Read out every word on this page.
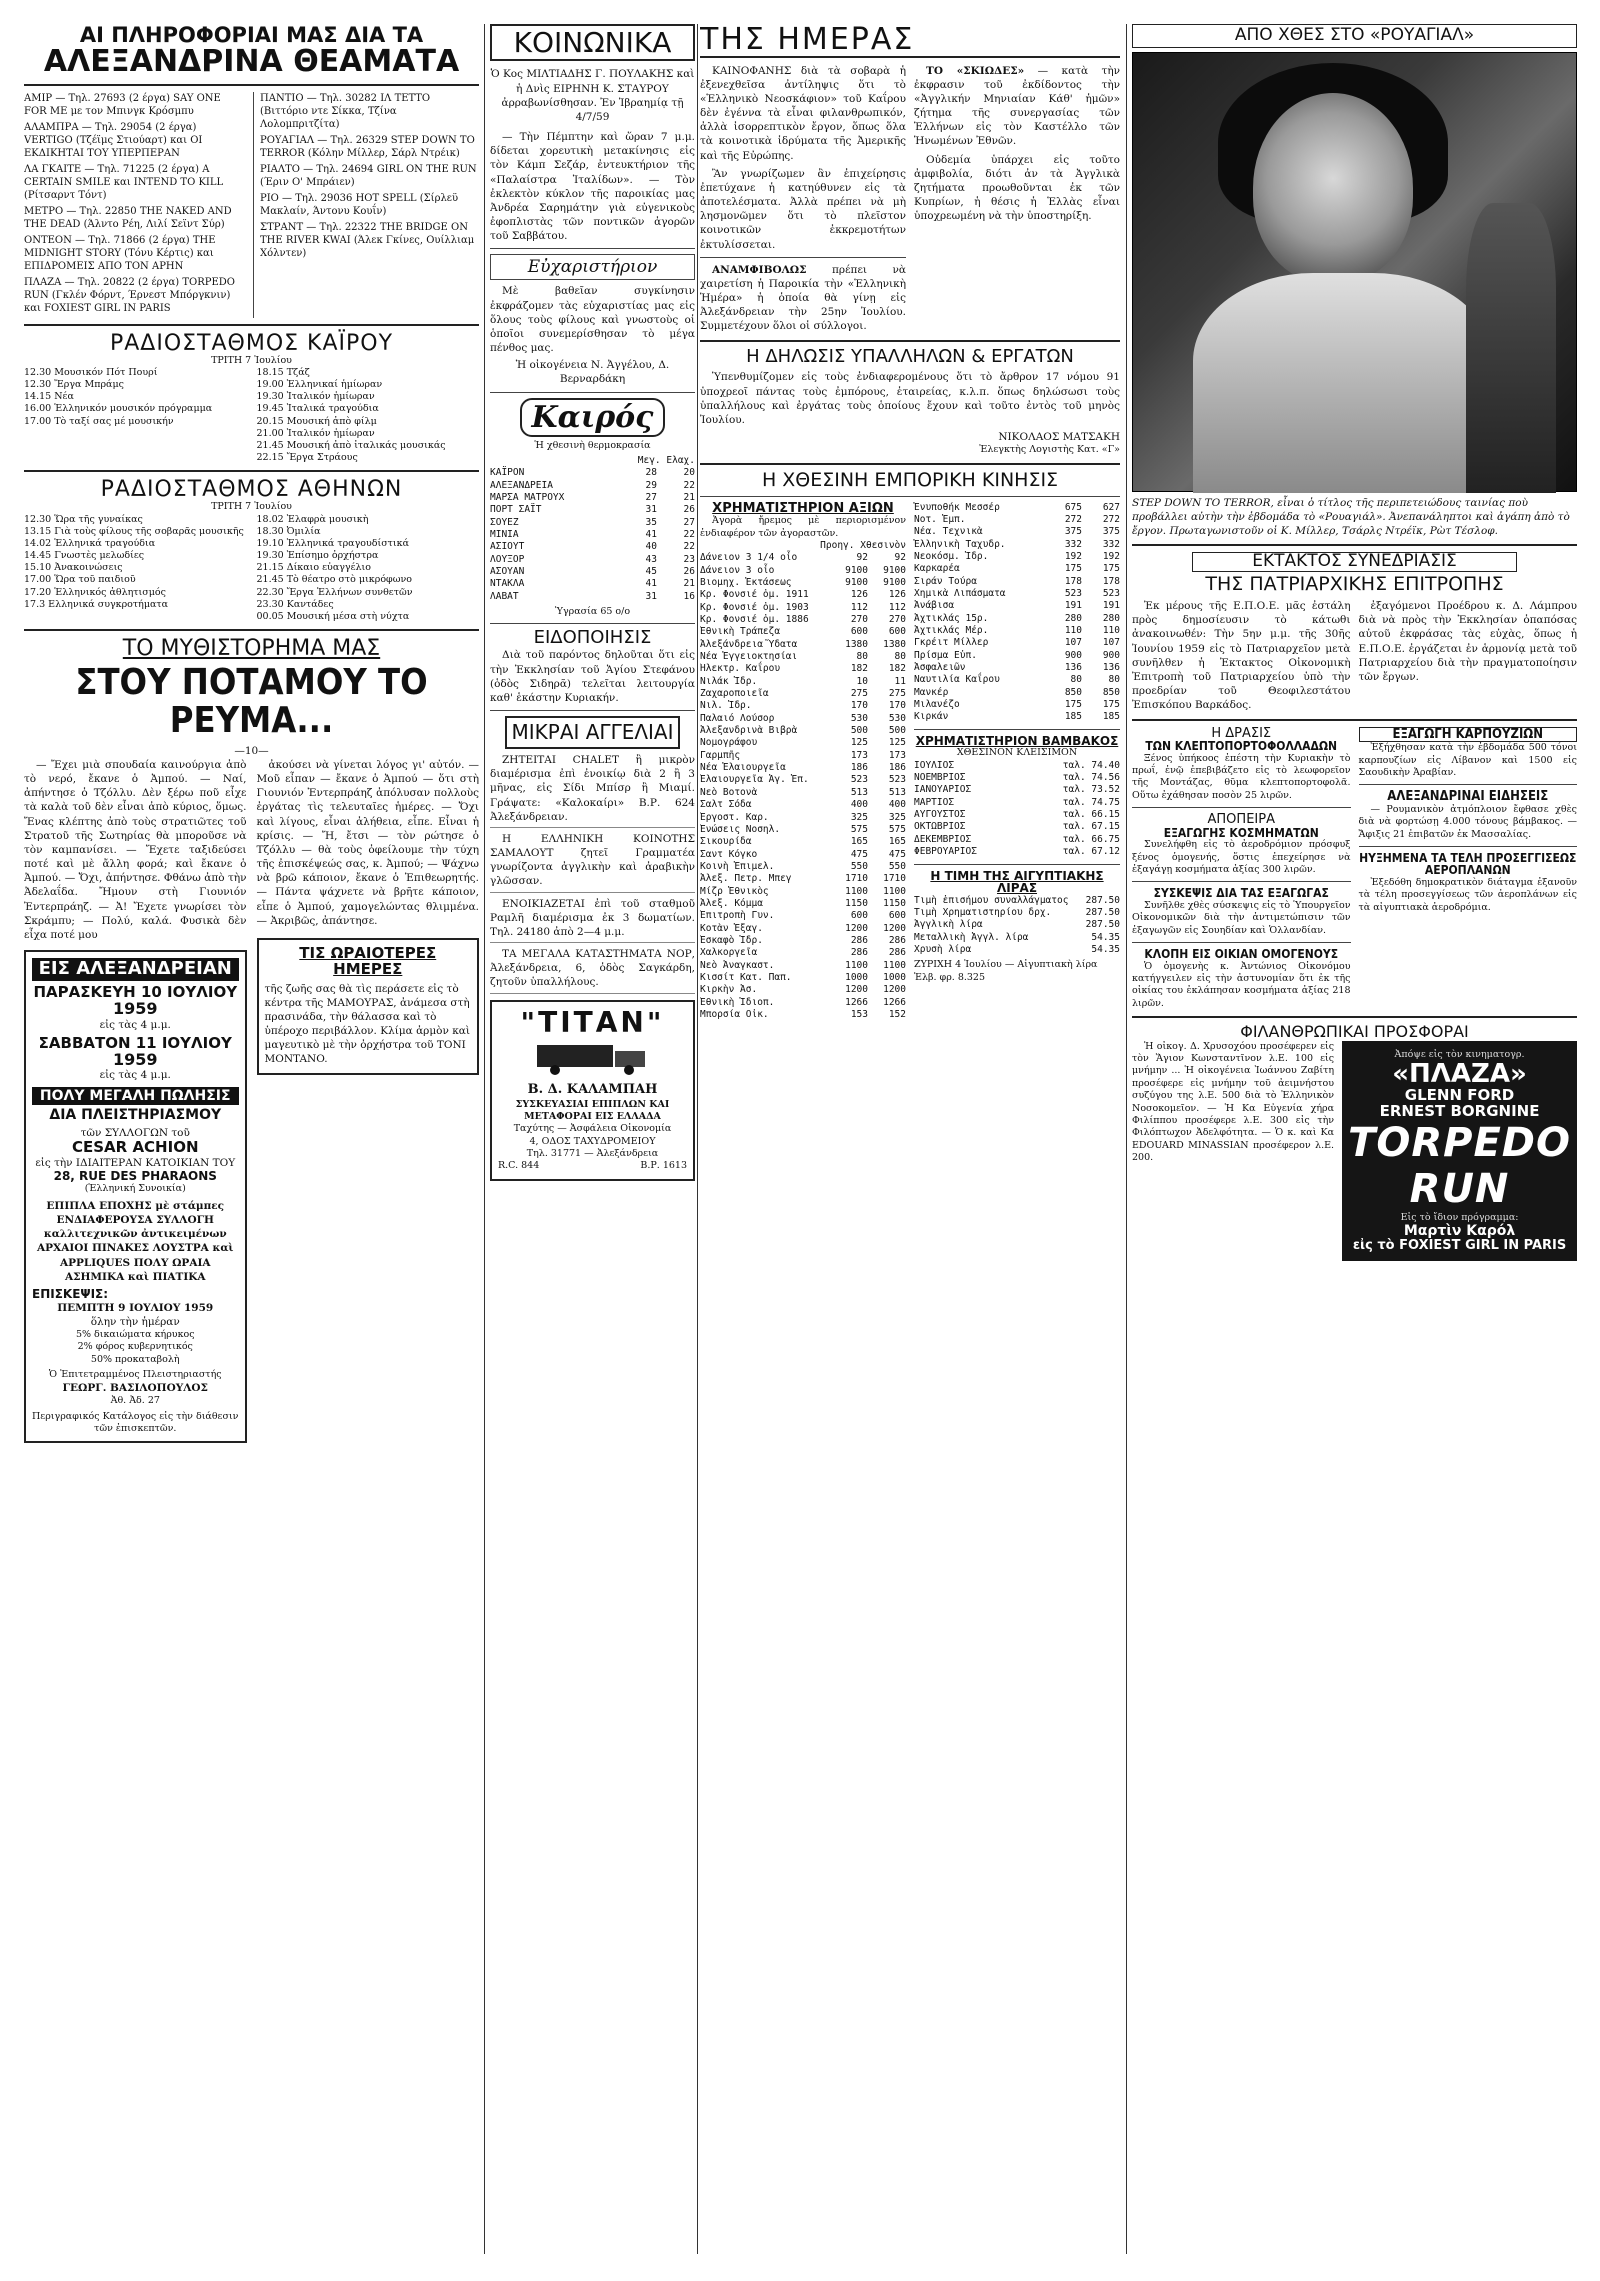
ΑΙ ΠΛΗΡΟΦΟΡΙΑΙ ΜΑΣ ΔΙΑ ΤΑ
ΑΛΕΞΑΝΔΡΙΝΑ ΘΕΑΜΑΤΑ
ΑΜΙΡ — Τηλ. 27693 (2 έργα) SAY ONE FOR ME με τον Μπινγκ Κρόσμπυ
ΑΛΑΜΠΡΑ — Τηλ. 29054 (2 έργα) VERTIGO (Τζέϊμς Στιούαρτ) και ΟΙ ΕΚΔΙΚΗΤΑΙ ΤΟΥ ΥΠΕΡΠΕΡΑΝ
ΛΑ ΓΚΑΙΤΕ — Τηλ. 71225 (2 έργα) A CERTAIN SMILE και INTEND TO KILL (Ρίτσαρντ Τόντ)
ΜΕΤΡΟ — Τηλ. 22850 THE NAKED AND THE DEAD (Άλντο Ρέη, Λιλί Σεϊντ Σύρ)
ΟΝΤΕΟΝ — Τηλ. 71866 (2 έργα) THE MIDNIGHT STORY (Τόνυ Κέρτις) και ΕΠΙΔΡΟΜΕΙΣ ΑΠΟ ΤΟΝ ΑΡΗΝ
ΠΛΑΖΑ — Τηλ. 20822 (2 έργα) TORPEDO RUN (Γκλέν Φόρντ, Έρνεστ Μπόργκνιν) και FOXIEST GIRL IN PARIS
ΠΑΝΤΙΟ — Τηλ. 30282 ΙΛ ΤΕΤΤΟ (Βιττόριο ντε Σίκκα, Τζίνα Λολομπριτζίτα)
ΡΟΥΑΓΙΑΛ — Τηλ. 26329 STEP DOWN TO TERROR (Κόλην Μίλλερ, Σάρλ Ντρέικ)
ΡΙΑΛΤΟ — Τηλ. 24694 GIRL ON THE RUN (Έριν Ο' Μπράιεν)
ΡΙΟ — Τηλ. 29036 HOT SPELL (Σίρλεϋ Μακλαίν, Άντονυ Κουΐν)
ΣΤΡΑΝΤ — Τηλ. 22322 THE BRIDGE ON THE RIVER KWAI (Άλεκ Γκίνες, Ουίλλιαμ Χόλντεν)
ΡΑΔΙΟΣΤΑΘΜΟΣ ΚΑΪΡΟΥ
ΤΡΙΤΗ 7 Ἰουλίου
12.30 Μουσικόν Πότ Πουρί
12.30 Ἔργα Μπράμς
14.15 Νέα
16.00 Ἑλληνικόν μουσικόν πρόγραμμα
17.00 Τὸ ταξί σας μέ μουσικήν
18.15 Τζάζ
19.00 Ἑλληνικαί ἡμίωραν
19.30 Ἰταλικόν ἡμίωραν
19.45 Ἰταλικά τραγούδια
20.15 Μουσική ἀπὸ φίλμ
21.00 Ἰταλικόν ἡμίωραν
21.45 Μουσική ἀπὸ ἰταλικάς μουσικάς
22.15 Ἔργα Στράους
ΡΑΔΙΟΣΤΑΘΜΟΣ ΑΘΗΝΩΝ
ΤΡΙΤΗ 7 Ἰουλίου
12.30 Ὥρα τῆς γυναίκας
13.15 Γιὰ τοὺς φίλους τῆς σοβαρᾶς μουσικῆς
14.02 Ἑλληνικά τραγούδια
14.45 Γνωστὲς μελωδίες
15.10 Ἀνακοινώσεις
17.00 Ὥρα τοῦ παιδιοῦ
17.20 Ἑλληνικός ἀθλητισμός
17.3 Ελληνικά συγκροτήματα
18.02 Ἐλαφρὰ μουσικὴ
18.30 Ὀμιλία
19.10 Ἑλληνικά τραγουδίστικά
19.30 Ἐπίσημο ὀρχήστρα
21.15 Δίκαιο εὐαγγέλιο
21.45 Τὸ θέατρο στὸ μικρόφωνο
22.30 Ἔργα Ἑλλήνων συνθετῶν
23.30 Καντάδες
00.05 Μουσική μέσα στὴ νύχτα
ΤΟ ΜΥΘΙΣΤΟΡΗΜΑ ΜΑΣ
ΣΤΟΥ ΠΟΤΑΜΟΥ ΤΟ ΡΕΥΜΑ...
—10—

— Ἔχει μιὰ σπουδαία καινούργια ἀπὸ τὸ νερό, ἔκανε ὁ Ἀμπού. — Ναί, ἀπήντησε ὁ Τζόλλυ. Δὲν ξέρω ποῦ εἶχε τὰ καλὰ τοῦ δὲν εἶναι ἀπὸ κύριος, ὅμως. Ἔνας κλέπτης ἀπὸ τοὺς στρατιῶτες τοῦ Στρατοῦ τῆς Σωτηρίας θὰ μποροῦσε νὰ τὸν καμπανίσει. — Ἔχετε ταξιδεύσει ποτέ καὶ μὲ ἄλλη φορά; καὶ ἔκανε ὁ Ἀμπού. — Ὄχι, ἀπήντησε. Φθάνω ἀπὸ τὴν Ἀδελαΐδα. Ἤμουν στὴ Γιουνιόν Ἐντερπράηζ. — Ἀ! Ἔχετε γνωρίσει τὸν Σκράμπυ; — Πολύ, καλά. Φυσικὰ δὲν εἶχα ποτέ μου

ΕΙΣ ΑΛΕΞΑΝΔΡΕΙΑΝ
ΠΑΡΑΣΚΕΥΗ 10 ΙΟΥΛΙΟΥ
1959
εἰς τὰς 4 μ.μ.
ΣΑΒΒΑΤΟΝ 11 ΙΟΥΛΙΟΥ
1959
εἰς τὰς 4 μ.μ.
ΠΟΛΥ ΜΕΓΑΛΗ ΠΩΛΗΣΙΣ
ΔΙΑ ΠΛΕΙΣΤΗΡΙΑΣΜΟΥ
τῶν ΣΥΛΛΟΓΩΝ τοῦ
CESAR ACHION
εἰς τὴν ΙΔΙΑΙΤΕΡΑΝ ΚΑΤΟΙΚΙΑΝ ΤΟΥ
28, RUE DES PHARAONS
(Ἑλληνική Συνοικία)
ΕΠΙΠΛΑ ΕΠΟΧΗΣ μὲ στάμπες ΕΝΔΙΑΦΕΡΟΥΣΑ ΣΥΛΛΟΓΗ καλλιτεχνικῶν ἀντικειμένων ΑΡΧΑΙΟΙ ΠΙΝΑΚΕΣ ΛΟΥΣΤΡΑ καὶ APPLIQUES ΠΟΛΥ ΩΡΑΙΑ ΑΣΗΜΙΚΑ καὶ ΠΙΑΤΙΚΑ
ΕΠΙΣΚΕΨΙΣ:
ΠΕΜΠΤΗ 9 ΙΟΥΛΙΟΥ 1959
ὅλην τὴν ἡμέραν
5% δικαιώματα κήρυκος
2% φόρος κυβερνητικός
50% προκαταβολὴ
Ὁ Ἐπιτετραμμένος Πλειστηριαστής
ΓΕΩΡΓ. ΒΑΣΙΛΟΠΟΥΛΟΣ
Ἀθ. Ἀδ. 27
Περιγραφικός Κατάλογος εἰς τὴν διάθεσιν τῶν ἐπισκεπτῶν.

ἀκούσει νὰ γίνεται λόγος γι' αὐτόν. — Μοῦ εἶπαν — ἔκανε ὁ Ἀμπού — ὅτι στὴ Γιουνιόν Ἐντερπράηζ ἀπόλυσαν πολλοὺς ἐργάτας τὶς τελευταῖες ἡμέρες. — Ὄχι καὶ λίγους, εἶναι ἀλήθεια, εἶπε. Εἶναι ἡ κρίσις. — Ἤ, ἔτσι — τὸν ρώτησε ὁ Τζόλλυ — θὰ τοὺς ὀφείλουμε τὴν τύχη τῆς ἐπισκέψεώς σας, κ. Ἀμπού; — Ψάχνω νὰ βρῶ κάποιον, ἔκανε ὁ Ἐπιθεωρητής. — Πάντα ψάχνετε νὰ βρῆτε κάποιον, εἶπε ὁ Ἀμπού, χαμογελώντας θλιμμένα. — Ἀκριβῶς, ἀπάντησε.

ΤΙΣ ΩΡΑΙΟΤΕΡΕΣ ΗΜΕΡΕΣ

τῆς ζωῆς σας θὰ τὶς περάσετε εἰς τὸ κέντρα τῆς ΜΑΜΟΥΡΑΣ, ἀνάμεσα στὴ πρασινάδα, τὴν θάλασσα καὶ τὸ ὑπέροχο περιβάλλον. Κλίμα ἀρμὸν καὶ μαγευτικὸ μὲ τὴν ὀρχήστρα τοῦ TONI MONTANO.

ΚΟΙΝΩΝΙΚΑ

Ὁ Κος ΜΙΛΤΙΑΔΗΣ Γ. ΠΟΥΛΑΚΗΣ καὶ ἡ Δνὶς ΕΙΡΗΝΗ Κ. ΣΤΑΥΡΟΥ ἀρραβωνίσθησαν. Ἐν Ἰβραημίᾳ τῇ 4/7/59

— Τὴν Πέμπτην καὶ ὥραν 7 μ.μ. δίδεται χορευτικὴ μετακίνησις εἰς τὸν Κάμπ Σεζάρ, ἐντευκτήριον τῆς «Παλαίστρα Ἰταλίδων». — Τὸν ἐκλεκτὸν κύκλον τῆς παροικίας μας Ἀνδρέα Σαρημάτην γιὰ εὐγενικοὺς ἐφοπλιστὰς τῶν ποντικῶν ἀγορῶν τοῦ Σαββάτου.

Εὐχαριστήριον

Μὲ βαθεῖαν συγκίνησιν ἐκφράζομεν τὰς εὐχαριστίας μας εἰς ὅλους τοὺς φίλους καὶ γνωστοὺς οἱ ὁποῖοι συνεμερίσθησαν τὸ μέγα πένθος μας.

Ἡ οἰκογένεια Ν. Ἀγγέλου, Δ. Βερναρδάκη

Καιρός
Ἡ χθεσινὴ θερμοκρασία
Μεγ. Ελαχ.
ΚΑΪΡΟΝ	28	20
ΑΛΕΞΑΝΔΡΕΙΑ	29	22
ΜΑΡΣΑ ΜΑΤΡΟΥΧ	27	21
ΠΟΡΤ ΣΑΪΤ	31	26
ΣΟΥΕΖ	35	27
ΜΙΝΙΑ	41	22
ΑΣΙΟΥΤ	40	22
ΛΟΥΞΟΡ	43	23
ΑΣΟΥΑΝ	45	26
ΝΤΑΚΛΑ	41	21
ΛΑΒΑΤ	31	16
Ὑγρασία 65 ο/ο
ΕΙΔΟΠΟΙΗΣΙΣ

Διὰ τοῦ παρόντος δηλοῦται ὅτι εἰς τὴν Ἐκκλησίαν τοῦ Ἁγίου Στεφάνου (ὁδὸς Σιδηρᾶ) τελεῖται λειτουργία καθ' ἑκάστην Κυριακήν.

ΜΙΚΡΑΙ ΑΓΓΕΛΙΑΙ
ΖΗΤΕΙΤΑΙ CHALET ἢ μικρὸν διαμέρισμα ἐπὶ ἐνοικίῳ διὰ 2 ἢ 3 μῆνας, εἰς Σίδι Μπίσρ ἢ Μιαμί. Γράψατε: «Καλοκαίρι» Β.Ρ. 624 Ἀλεξάνδρειαν.
Η ΕΛΛΗΝΙΚΗ ΚΟΙΝΟΤΗΣ ΣΑΜΑΛΟΥΤ ζητεῖ Γραμματέα γνωρίζοντα ἀγγλικὴν καὶ ἀραβικὴν γλῶσσαν.
ΕΝΟΙΚΙΑΖΕΤΑΙ ἐπὶ τοῦ σταθμοῦ Ραμλῆ διαμέρισμα ἐκ 3 δωματίων. Τηλ. 24180 ἀπὸ 2—4 μ.μ.
ΤΑ ΜΕΓΑΛΑ ΚΑΤΑΣΤΗΜΑΤΑ ΝΟΡ, Ἀλεξάνδρεια, 6, ὁδὸς Σαγκάρδη, ζητοῦν ὑπαλλήλους.
"ΤΙΤΑΝ"
Β. Δ. ΚΑΛΑΜΠΑΗ
ΣΥΣΚΕΥΑΣΙΑΙ ΕΠΙΠΛΩΝ ΚΑΙ ΜΕΤΑΦΟΡΑΙ ΕΙΣ ΕΛΛΑΔΑ
Ταχύτης — Ἀσφάλεια Οἰκονομία
4, ΟΔΟΣ ΤΑΧΥΔΡΟΜΕΙΟΥ
Τηλ. 31771 — Ἀλεξάνδρεια
R.C. 844	Β.Ρ. 1613
ΤΗΣ ΗΜΕΡΑΣ

ΚΑΙΝΟΦΑΝΗΣ διὰ τὰ σοβαρὰ ἡ ἐξενεχθεῖσα ἀντίληψις ὅτι τὸ «Ἑλληνικὸ Νεοσκάφιον» τοῦ Καΐρου δὲν ἐγέννα τὰ εἶναι φιλανθρωπικόν, ἀλλὰ ἰσορρεπτικὸν ἔργον, ὅπως ὅλα τὰ κοινοτικὰ ἱδρύματα τῆς Ἀμερικῆς καὶ τῆς Εὐρώπης.

Ἂν γνωρίζωμεν ἂν ἐπιχείρησις ἐπετύχανε ἡ κατηύθυνεν εἰς τὰ ἀποτελέσματα. Ἀλλὰ πρέπει νὰ μὴ λησμονῶμεν ὅτι τὸ πλεῖστον κοινοτικῶν ἐκκρεμοτήτων ἐκτυλίσσεται.

ΑΝΑΜΦΙΒΟΛΩΣ πρέπει νὰ χαιρετίση ἡ Παροικία τὴν «Ἑλληνικὴ Ἡμέρα» ἡ ὁποία θὰ γίνῃ εἰς Ἀλεξάνδρειαν τὴν 25ην Ἰουλίου. Συμμετέχουν ὅλοι οἱ σύλλογοι.

ΤΟ «ΣΚΙΩΔΕΣ» — κατὰ τὴν ἐκφρασιν τοῦ ἐκδίδοντος τὴν «Ἀγγλικήν Μηνιαίαν Κάθ' ἡμῶν» ζήτημα τῆς συνεργασίας τῶν Ἑλλήνων εἰς τὸν Καστέλλο τῶν Ἡνωμένων Ἐθνῶν.

Οὐδεμία ὑπάρχει εἰς τοῦτο ἀμφιβολία, διότι ἀν τὰ Ἀγγλικὰ ζητήματα προωθοῦνται ἐκ τῶν Κυπρίων, ἡ θέσις ἡ Ἑλλὰς εἶναι ὑποχρεωμένη νὰ τὴν ὑποστηρίξη.

Η ΔΗΛΩΣΙΣ ΥΠΑΛΛΗΛΩΝ & ΕΡΓΑΤΩΝ

Ὑπενθυμίζομεν εἰς τοὺς ἐνδιαφερομένους ὅτι τὸ ἄρθρον 17 νόμου 91 ὑποχρεοῖ πάντας τοὺς ἐμπόρους, ἑταιρείας, κ.λ.π. ὅπως δηλώσωσι τοὺς ὑπαλλήλους καὶ ἐργάτας τοὺς ὁποίους ἔχουν καὶ τοῦτο ἐντὸς τοῦ μηνὸς Ἰουλίου.

ΝΙΚΟΛΑΟΣ ΜΑΤΣΑΚΗ

Ἐλεγκτὴς Λογιστὴς Κατ. «Γ»

Η ΧΘΕΣΙΝΗ ΕΜΠΟΡΙΚΗ ΚΙΝΗΣΙΣ
ΧΡΗΜΑΤΙΣΤΗΡΙΟΝ ΑΞΙΩΝ

Ἀγορὰ ἤρεμος μὲ περιορισμένον ἐνδιαφέρον τῶν ἀγοραστῶν.

Προηγ. Χθεσινὸν
Δάνειον 3 1/4 οἷο	92	92
Δάνειον 3 οἷο	9100 9100
Βιομηχ. Ἐκτάσεως	9100 9100
Κρ. Φονσιέ ὁμ. 1911	126 126
Κρ. Φονσιέ ὁμ. 1903	112 112
Κρ. Φονσιέ ὁμ. 1886	270 270
Ἐθνικὴ Τράπεζα	600 600
Ἀλεξάνδρεια Ὕδατα	1380 1380
Νέα Ἐγγειοκτησίαι	80	80
Ἠλεκτρ. Καΐρου	182 182
Νιλάκ Ἰδρ.	10	11
Ζαχαροποιεῖα	275 275
Νιλ. Ἰδρ.	170 170
Παλαιό Λούσορ	530 530
Ἀλεξανδρινὰ Βιβρὰ	500 500
Νομογράφου	125 125
Γαρμπῆς	173 173
Νέα Ἐλαιουργεῖα	186 186
Ἐλαιουργεῖα Ἁγ. Ἐπ.	523 523
Νεὸ Βοτονὰ	513 513
Σαλτ Σόδα	400 400
Ἐργοστ. Καρ.	325 325
Ἐνώσεις Νοσηλ.	575 575
Σικουρίδα	165 165
Σαντ Κόγκο	475 475
Κοινὴ Ἐπιμελ.	550 550
Ἀλεξ. Πετρ. Μπεγ	1710 1710
Μίζρ Ἐθνικὸς	1100 1100
Ἀλεξ. Κόμμα	1150 1150
Ἐπιτροπὴ Γυν.	600 600
Κοτὰν Ἐξαγ.	1200 1200
Ἐσκαφὸ Ἰδρ.	286 286
Χαλκοργεῖα	286 286
Νεὸ Ἀναγκαστ.	1100 1100
Κισσίτ Κατ. Παπ.	1000 1000
Κιρκὴν Ἀσ.	1200 1200
Ἐθνικὴ Ἰδιοπ.	1266 1266
Μπορσία Οἰκ.	153 152
Ἐνυποθήκ Μεσσέρ	675 627
Νοτ. Ἐμπ.	272 272
Νέα. Τεχνικὰ	375 375
Ἐλληνικὴ Ταχυδρ.	332 332
Νεοκόσμ. Ἰδρ.	192 192
Καρκαρέα	175 175
Σιράν Τούρα	178 178
Χημικὰ Λιπάσματα	523 523
Ἀνάβισα	191 191
Ἀχτικλάς 15ρ.	280 280
Ἀχτικλάς Μέρ.	110 110
Γκρέιτ Μίλλερ	107 107
Πρίσμα Εὐπ.	900 900
Ἀσφαλειῶν	136 136
Ναυτιλία Καΐρου	80	80
Μανκέρ	850 850
Μιλανέζο	175 175
Κιρκάν	185 185
ΧΡΗΜΑΤΙΣΤΗΡΙΟΝ ΒΑΜΒΑΚΟΣ
ΧΘΕΣΙΝΟΝ ΚΛΕΙΣΙΜΟΝ
ΙΟΥΛΙΟΣ	ταλ. 74.40
ΝΟΕΜΒΡΙΟΣ	ταλ. 74.56
ΙΑΝΟΥΑΡΙΟΣ	ταλ. 73.52
ΜΑΡΤΙΟΣ	ταλ. 74.75
ΑΥΓΟΥΣΤΟΣ	ταλ. 66.15
ΟΚΤΩΒΡΙΟΣ	ταλ. 67.15
ΔΕΚΕΜΒΡΙΟΣ	ταλ. 66.75
ΦΕΒΡΟΥΑΡΙΟΣ	ταλ. 67.12
Η ΤΙΜΗ ΤΗΣ ΑΙΓΥΠΤΙΑΚΗΣ ΛΙΡΑΣ
Τιμὴ ἐπισήμου συναλλάγματος	287.50
Τιμὴ Χρηματιστηρίου δρχ.	287.50
Ἀγγλικὴ λίρα	287.50
Μεταλλικὴ Ἀγγλ. λίρα	54.35
Χρυσὴ λίρα	54.35
ΖΥΡΙΧΗ 4 Ἰουλίου — Αἰγυπτιακὴ λίρα Ἑλβ. φρ. 8.325
ΑΠΟ ΧΘΕΣ ΣΤΟ «ΡΟΥΑΓΙΑΛ»

STEP DOWN TO TERROR, εἶναι ὁ τίτλος τῆς περιπετειώδους ταινίας ποὺ προβάλλει αὐτὴν τὴν ἑβδομάδα τὸ «Ρουαγιάλ». Ἀνεπανάληπτοι καὶ ἀγάπη ἀπὸ τὸ ἔργον. Πρωταγωνιστοῦν οἱ Κ. Μίλλερ, Τσάρλς Ντρέϊκ, Ρὼτ Τέσλοφ.

ΕΚΤΑΚΤΟΣ ΣΥΝΕΔΡΙΑΣΙΣ
ΤΗΣ ΠΑΤΡΙΑΡΧΙΚΗΣ ΕΠΙΤΡΟΠΗΣ

Ἐκ μέρους τῆς Ε.Π.Ο.Ε. μᾶς ἐστάλη πρὸς δημοσίευσιν τὸ κάτωθι ἀνακοινωθέν: Τὴν 5ην μ.μ. τῆς 30ῆς Ἰουνίου 1959 εἰς τὸ Πατριαρχεῖον μετὰ συνῆλθεν ἡ Ἐκτακτος Οἰκονομικὴ Ἐπιτροπὴ τοῦ Πατριαρχείου ὑπὸ τὴν προεδρίαν τοῦ Θεοφιλεστάτου Ἐπισκόπου Βαρκάδος.

ἐξαγόμενοι Προέδρου κ. Δ. Λάμπρου διὰ νὰ πρὸς τὴν Ἐκκλησίαν ὁπαπόσας αὐτοῦ ἐκφράσας τὰς εὐχὰς, ὅπως ἡ Ε.Π.Ο.Ε. ἐργάζεται ἐν ἁρμονίᾳ μετὰ τοῦ Πατριαρχείου διὰ τὴν πραγματοποίησιν τῶν ἔργων.

Η ΔΡΑΣΙΣ
ΤΩΝ ΚΛΕΠΤΟΠΟΡΤΟΦΟΛΛΑΔΩΝ

Ξένος ὑπήκοος ἐπέστη τὴν Κυριακὴν τὸ πρωΐ, ἐνῷ ἐπεβιβάζετο εἰς τὸ λεωφορεῖον τῆς Μοντάζας, θῦμα κλεπτοπορτοφολᾶ. Οὕτω ἐχάθησαν ποσὸν 25 λιρῶν.

ΑΠΟΠΕΙΡΑ
ΕΞΑΓΩΓΗΣ ΚΟΣΜΗΜΑΤΩΝ

Συνελήφθη εἰς τὸ ἀεροδρόμιον πρόσφυξ ξένος ὁμογενής, ὅστις ἐπεχείρησε νὰ ἐξαγάγῃ κοσμήματα ἀξίας 300 λιρῶν.

ΣΥΣΚΕΨΙΣ ΔΙΑ ΤΑΣ ΕΞΑΓΩΓΑΣ

Συνῆλθε χθὲς σύσκεψις εἰς τὸ Ὑπουργεῖον Οἰκονομικῶν διὰ τὴν ἀντιμετώπισιν τῶν ἐξαγωγῶν εἰς Σουηδίαν καὶ Ὁλλανδίαν.

ΚΛΟΠΗ ΕΙΣ ΟΙΚΙΑΝ ΟΜΟΓΕΝΟΥΣ

Ὁ ὁμογενὴς κ. Ἀντώνιος Οἰκονόμου κατήγγειλεν εἰς τὴν ἀστυνομίαν ὅτι ἐκ τῆς οἰκίας του ἐκλάπησαν κοσμήματα ἀξίας 218 λιρῶν.

ΕΞΑΓΩΓΗ ΚΑΡΠΟΥΖΙΩΝ

Ἐξήχθησαν κατὰ τὴν ἑβδομάδα 500 τόνοι καρπουζίων εἰς Λίβανον καὶ 1500 εἰς Σαουδικὴν Ἀραβίαν.

ΑΛΕΞΑΝΔΡΙΝΑΙ ΕΙΔΗΣΕΙΣ

— Ρουμανικὸν ἀτμόπλοιον ἔφθασε χθὲς διὰ νὰ φορτώσῃ 4.000 τόνους βάμβακος. — Ἄφιξις 21 ἐπιβατῶν ἐκ Μασσαλίας.

ΗΥΞΗΜΕΝΑ ΤΑ ΤΕΛΗ ΠΡΟΣΕΓΓΙΣΕΩΣ ΑΕΡΟΠΛΑΝΩΝ

Ἐξεδόθη δημοκρατικὸν διάταγμα ἐξανοῦν τὰ τέλη προσεγγίσεως τῶν ἀεροπλάνων εἰς τὰ αἰγυπτιακὰ ἀεροδρόμια.

ΦΙΛΑΝΘΡΩΠΙΚΑΙ ΠΡΟΣΦΟΡΑΙ

Ἡ οἰκογ. Δ. Χρυσοχόου προσέφερεν εἰς τὸν Ἅγιον Κωνσταντῖνον λ.Ε. 100 εἰς μνήμην ... Ἡ οἰκογένεια Ἰωάννου Ζαβίτη προσέφερε εἰς μνήμην τοῦ ἀειμνήστου συζύγου της λ.Ε. 500 διὰ τὸ Ἐλληνικὸν Νοσοκομεῖον. — Ἡ Κα Εὐγενία χήρα Φιλίππου προσέφερε λ.Ε. 300 εἰς τὴν Φιλόπτωχον Ἀδελφότητα. — Ὁ κ. καὶ Κα EDOUARD MINASSIAN προσέφερον λ.Ε. 200.

Ἀπόψε εἰς τὸν κινηματογρ.
«ΠΛΑΖΑ»
GLENN FORD
ERNEST BORGNINE
TORPEDO RUN
Εἰς τὸ ἴδιον πρόγραμμα:
Μαρτὶν Καρόλ
εἰς τὸ FOXIEST GIRL IN PARIS
